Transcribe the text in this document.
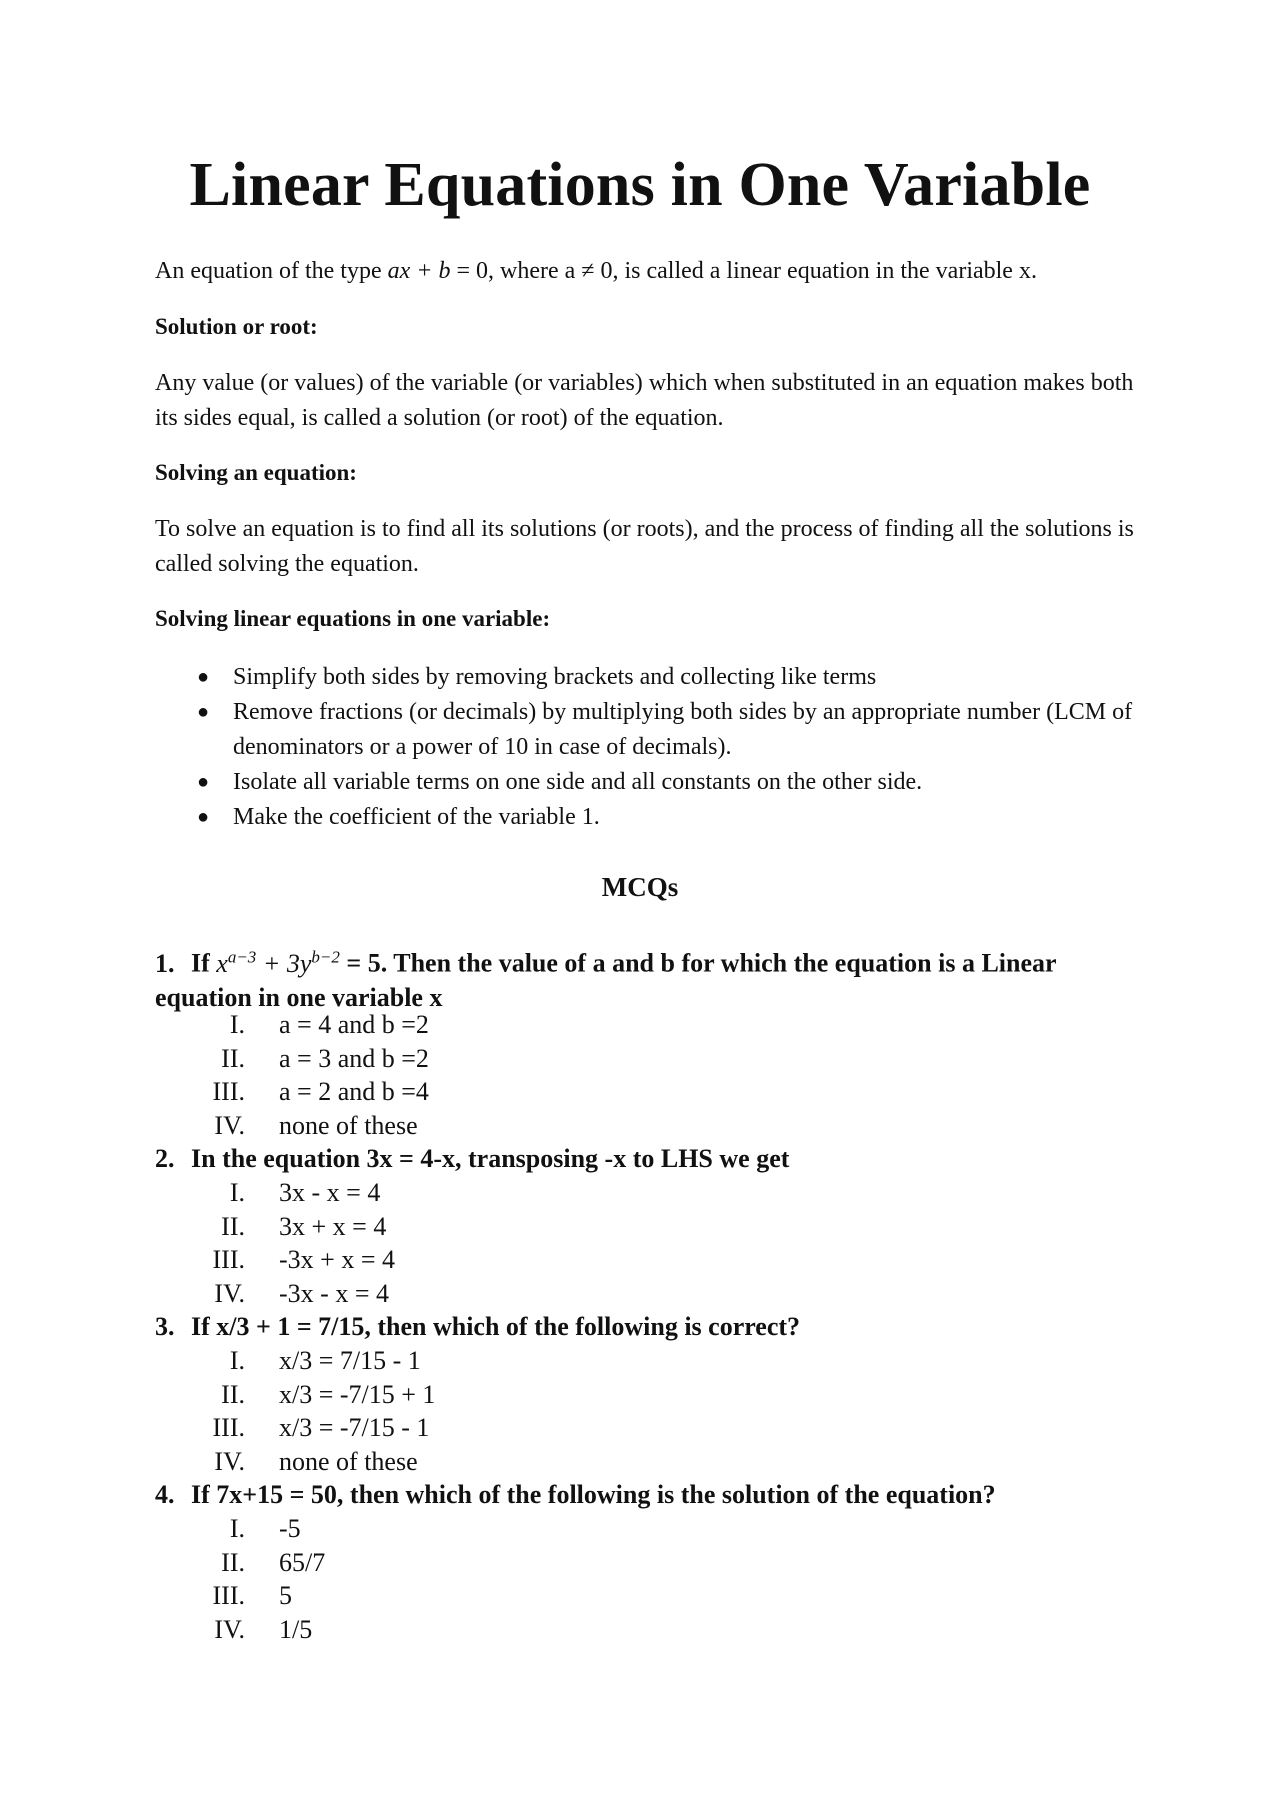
Linear Equations in One Variable
An equation of the type ax + b = 0, where a ≠ 0, is called a linear equation in the variable x.
Solution or root:
Any value (or values) of the variable (or variables) which when substituted in an equation makes both its sides equal, is called a solution (or root) of the equation.
Solving an equation:
To solve an equation is to find all its solutions (or roots), and the process of finding all the solutions is called solving the equation.
Solving linear equations in one variable:
● Simplify both sides by removing brackets and collecting like terms
● Remove fractions (or decimals) by multiplying both sides by an appropriate number (LCM of denominators or a power of 10 in case of decimals).
● Isolate all variable terms on one side and all constants on the other side.
● Make the coefficient of the variable 1.
MCQs
1. If $x^{a-3} + 3y^{b-2} = 5$. Then the value of a and b for which the equation is a Linear equation in one variable x
I. a = 4 and b =2
II. a = 3 and b =2
III. a = 2 and b =4
IV. none of these
2. In the equation 3x = 4-x, transposing -x to LHS we get
I. 3x - x = 4
II. 3x + x = 4
III. -3x + x = 4
IV. -3x - x = 4
3. If x/3 + 1 = 7/15, then which of the following is correct?
I. x/3 = 7/15 - 1
II. x/3 = -7/15 + 1
III. x/3 = -7/15 - 1
IV. none of these
4. If 7x+15 = 50, then which of the following is the solution of the equation?
I. -5
II. 65/7
III. 5
IV. 1/5
